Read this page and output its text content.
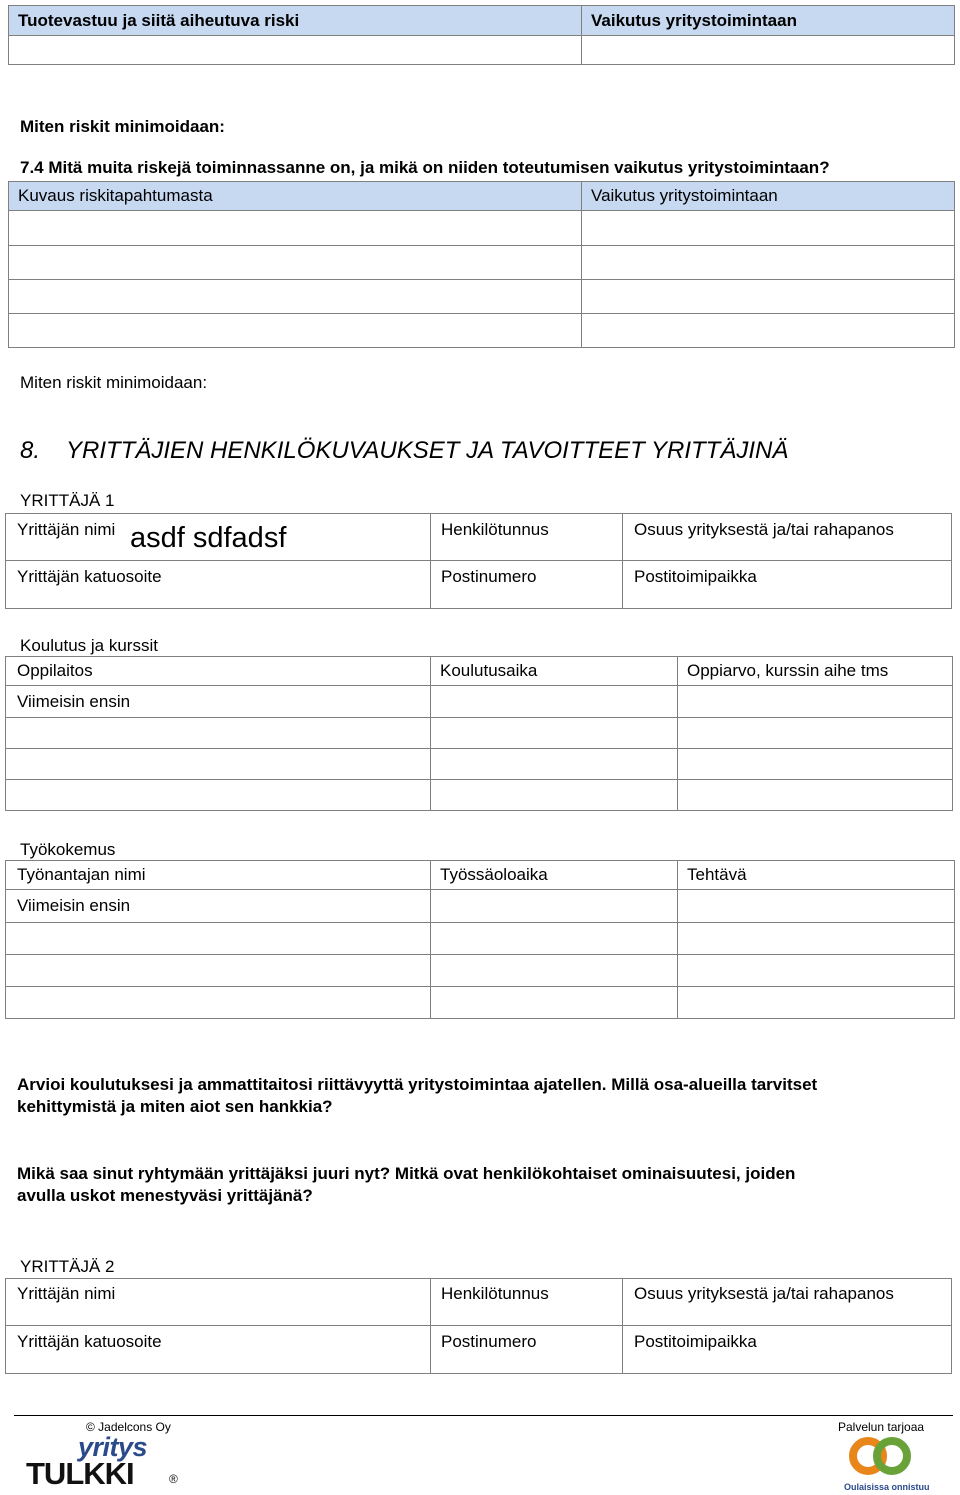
Tuotevastuu ja siitä aiheutuva riski	Vaikutus yritystoimintaan

Miten riskit minimoidaan:
7.4 Mitä muita riskejä toiminnassanne on, ja mikä on niiden toteutumisen vaikutus yritystoimintaan?
Kuvaus riskitapahtumasta	Vaikutus yritystoimintaan

Miten riskit minimoidaan:
8. YRITTÄJIEN HENKILÖKUVAUKSET JA TAVOITTEET YRITTÄJINÄ
YRITTÄJÄ 1
Yrittäjän nimi asdf sdfadsf	Henkilötunnus	Osuus yrityksestä ja/tai rahapanos
Yrittäjän katuosoite	Postinumero	Postitoimipaikka
Koulutus ja kurssit
Oppilaitos	Koulutusaika	Oppiarvo, kurssin aihe tms
Viimeisin ensin		

Työkokemus
Työnantajan nimi	Työssäoloaika	Tehtävä
Viimeisin ensin		

Arvioi koulutuksesi ja ammattitaitosi riittävyyttä yritystoimintaa ajatellen. Millä osa-alueilla tarvitset
kehittymistä ja miten aiot sen hankkia?
Mikä saa sinut ryhtymään yrittäjäksi juuri nyt? Mitkä ovat henkilökohtaiset ominaisuutesi, joiden
avulla uskot menestyväsi yrittäjänä?
YRITTÄJÄ 2
Yrittäjän nimi	Henkilötunnus	Osuus yrityksestä ja/tai rahapanos
Yrittäjän katuosoite	Postinumero	Postitoimipaikka
© Jadelcons Oy	Palvelun tarjoaa
yritys
TULKKI	®
Oulaisissa onnistuu
